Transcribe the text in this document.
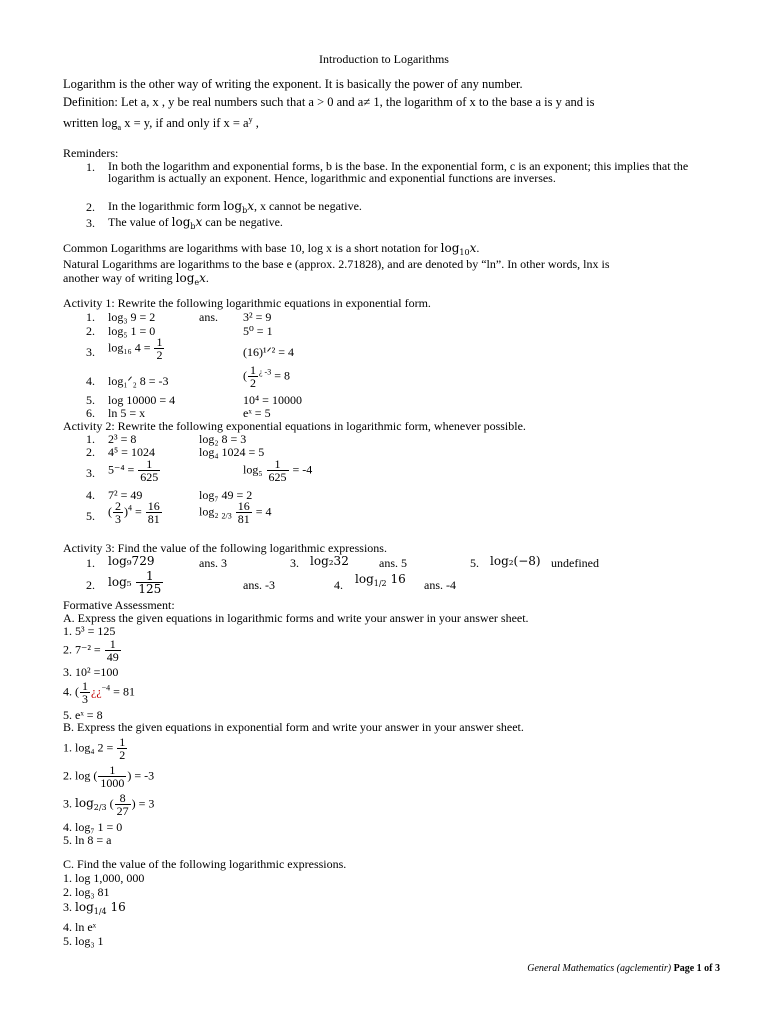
Introduction to Logarithms
Logarithm is the other way of writing the exponent. It is basically the power of any number.
Definition: Let a, x , y be real numbers such that a > 0 and a≠ 1, the logarithm of x to the base a is y and is
written $\log_a x = y$, if and only if $x = a^y$ ,
Reminders:
1. In both the logarithm and exponential forms, b is the base. In the exponential form, c is an exponent; this implies that the logarithm is actually an exponent. Hence, logarithmic and exponential functions are inverses.
2. In the logarithmic form $\log_bx$, x cannot be negative.
3. The value of $\log_bx$ can be negative.
Common Logarithms are logarithms with base 10, log x is a short notation for $\log_{10}x$.
Natural Logarithms are logarithms to the base e (approx. 2.71828), and are denoted by “ln”. In other words, lnx is
another way of writing $\log_ex$.
Activity 1: Rewrite the following logarithmic equations in exponential form.
1. log₃ 9 = 2	ans. 3² = 9
2. log₅ 1 = 0	5⁰ = 1
3. log₁₆ $4 = \frac{1}{2}$	(16)¹ᐟ² = 4
4. log₁ᐟ₂ 8 = -3	( $\frac{1}{2} ^{¿ -3} = 8$
5. log 10000 = 4	10⁴ = 10000
6. ln 5 = x	eˣ = 5
Activity 2: Rewrite the following exponential equations in logarithmic form, whenever possible.
1. 2³ = 8	log₂ 8 = 3
2. 4⁵ = 1024	log₄ 1024 = 5
3. $5^{-4} = \frac{1}{625}$	$\log_5 \frac{1}{625} = -4$
4. 7² = 49	log₇ 49 = 2
5. ( $\frac{2}{3} )^4 = \frac{16}{81}$	log₂ $_{2/3} \frac{16}{81} = 4$
Activity 3: Find the value of the following logarithmic expressions.
1. log₉729	ans. 3	3. log₂32	ans. 5	5. log₂(−8) undefined
2. $\log_5 \frac{1}{125}$	ans. -3	4. $\log_{1/2} 16$ ans. -4
Formative Assessment:
A. Express the given equations in logarithmic forms and write your answer in your answer sheet.
1. 5³ = 125
2. $7^{-2} = \frac{1}{49}$
3. 10² =100
4. ( $\frac{1}{3}$ ¿¿$^{-4}$ = 81
5. eˣ = 8
B. Express the given equations in exponential form and write your answer in your answer sheet.
1. log₄ $2 = \frac{1}{2}$
2. log ( $\frac{1}{1000}$ ) = -3
3. $\log_{2/3}$ ( $\frac{8}{27}$ ) = 3
4. log₇ 1 = 0
5. ln 8 = a
C. Find the value of the following logarithmic expressions.
1. log 1,000, 000
2. log₃ 81
3. $\log_{1/4} 16$
4. ln eˣ
5. log₃ 1
General Mathematics (agclementir) Page 1 of 3
